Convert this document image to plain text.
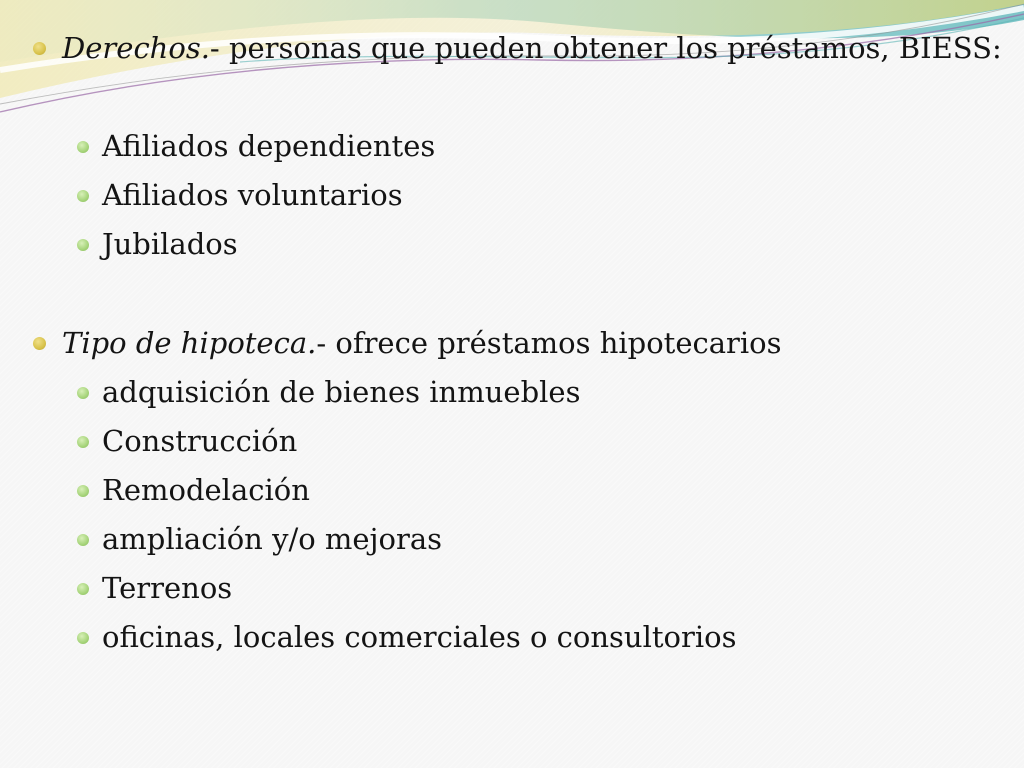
Derechos.- personas que pueden obtener los préstamos, BIESS:
Afiliados dependientes
Afiliados voluntarios
Jubilados
Tipo de hipoteca.- ofrece préstamos hipotecarios
adquisición de bienes inmuebles
Construcción
Remodelación
ampliación y/o mejoras
Terrenos
oficinas, locales comerciales o consultorios
